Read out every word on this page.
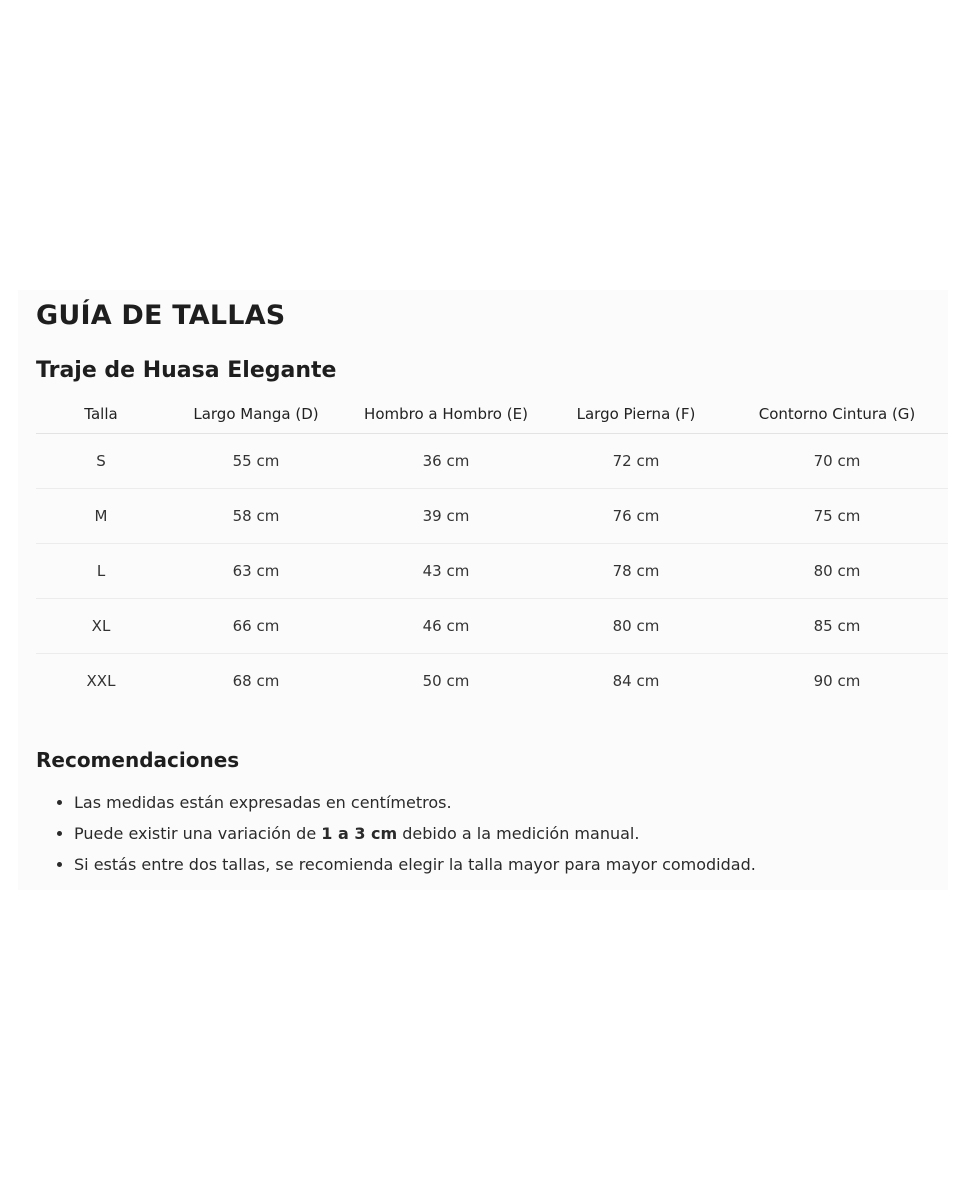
GUÍA DE TALLAS
Traje de Huasa Elegante
Talla	Largo Manga (D)	Hombro a Hombro (E)	Largo Pierna (F)	Contorno Cintura (G)
S	55 cm	36 cm	72 cm	70 cm
M	58 cm	39 cm	76 cm	75 cm
L	63 cm	43 cm	78 cm	80 cm
XL	66 cm	46 cm	80 cm	85 cm
XXL	68 cm	50 cm	84 cm	90 cm
Recomendaciones
• Las medidas están expresadas en centímetros.
• Puede existir una variación de 1 a 3 cm debido a la medición manual.
• Si estás entre dos tallas, se recomienda elegir la talla mayor para mayor comodidad.
